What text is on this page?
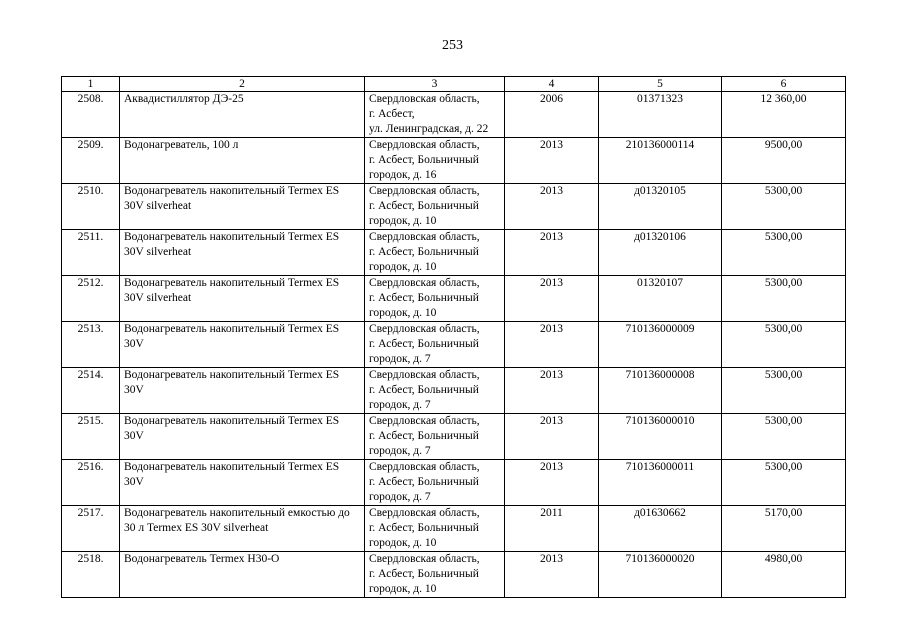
253
1	2	3	4	5	6
2508.	Аквадистиллятор ДЭ-25	Свердловская область,
г. Асбест,
ул. Ленинградская, д. 22	2006	01371323	12 360,00
2509.	Водонагреватель, 100 л	Свердловская область,
г. Асбест, Больничный
городок, д. 16	2013	210136000114	9500,00
2510.	Водонагреватель накопительный Termex ES 30V silverheat	Свердловская область,
г. Асбест, Больничный
городок, д. 10	2013	д01320105	5300,00
2511.	Водонагреватель накопительный Termex ES 30V silverheat	Свердловская область,
г. Асбест, Больничный
городок, д. 10	2013	д01320106	5300,00
2512.	Водонагреватель накопительный Termex ES 30V silverheat	Свердловская область,
г. Асбест, Больничный
городок, д. 10	2013	01320107	5300,00
2513.	Водонагреватель накопительный Termex ES 30V	Свердловская область,
г. Асбест, Больничный
городок, д. 7	2013	710136000009	5300,00
2514.	Водонагреватель накопительный Termex ES 30V	Свердловская область,
г. Асбест, Больничный
городок, д. 7	2013	710136000008	5300,00
2515.	Водонагреватель накопительный Termex ES 30V	Свердловская область,
г. Асбест, Больничный
городок, д. 7	2013	710136000010	5300,00
2516.	Водонагреватель накопительный Termex ES 30V	Свердловская область,
г. Асбест, Больничный
городок, д. 7	2013	710136000011	5300,00
2517.	Водонагреватель накопительный емкостью до 30 л Termex ES 30V silverheat	Свердловская область,
г. Асбест, Больничный
городок, д. 10	2011	д01630662	5170,00
2518.	Водонагреватель Termex H30-O	Свердловская область,
г. Асбест, Больничный
городок, д. 10	2013	710136000020	4980,00
